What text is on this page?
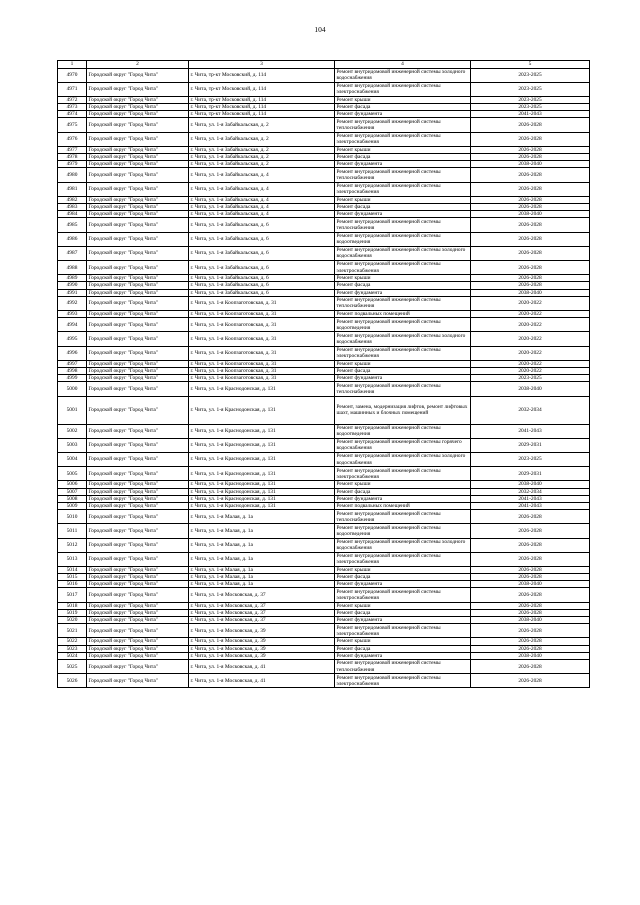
104
1	2	3	4	5
4970	Городской округ "Город Чита"	г. Чита, тр-кт Московский, д. 114	Ремонт внутридомовой инженерной системы холодного водоснабжения	2023-2025
4971	Городской округ "Город Чита"	г. Чита, тр-кт Московский, д. 114	Ремонт внутридомовой инженерной системы электроснабжения	2023-2025
4972	Городской округ "Город Чита"	г. Чита, тр-кт Московский, д. 114	Ремонт крыши	2023-2025
4973	Городской округ "Город Чита"	г. Чита, тр-кт Московский, д. 114	Ремонт фасада	2023-2025
4974	Городской округ "Город Чита"	г. Чита, тр-кт Московский, д. 114	Ремонт фундамента	2041-2043
4975	Городской округ "Город Чита"	г. Чита, ул. 1-я Забайкальская, д. 2	Ремонт внутридомовой инженерной системы теплоснабжения	2026-2028
4976	Городской округ "Город Чита"	г. Чита, ул. 1-я Забайкальская, д. 2	Ремонт внутридомовой инженерной системы электроснабжения	2026-2028
4977	Городской округ "Город Чита"	г. Чита, ул. 1-я Забайкальская, д. 2	Ремонт крыши	2026-2028
4978	Городской округ "Город Чита"	г. Чита, ул. 1-я Забайкальская, д. 2	Ремонт фасада	2026-2028
4979	Городской округ "Город Чита"	г. Чита, ул. 1-я Забайкальская, д. 2	Ремонт фундамента	2038-2040
4980	Городской округ "Город Чита"	г. Чита, ул. 1-я Забайкальская, д. 4	Ремонт внутридомовой инженерной системы теплоснабжения	2026-2028
4981	Городской округ "Город Чита"	г. Чита, ул. 1-я Забайкальская, д. 4	Ремонт внутридомовой инженерной системы электроснабжения	2026-2028
4982	Городской округ "Город Чита"	г. Чита, ул. 1-я Забайкальская, д. 4	Ремонт крыши	2026-2028
4983	Городской округ "Город Чита"	г. Чита, ул. 1-я Забайкальская, д. 4	Ремонт фасада	2026-2028
4984	Городской округ "Город Чита"	г. Чита, ул. 1-я Забайкальская, д. 4	Ремонт фундамента	2038-2040
4985	Городской округ "Город Чита"	г. Чита, ул. 1-я Забайкальская, д. 6	Ремонт внутридомовой инженерной системы теплоснабжения	2026-2028
4986	Городской округ "Город Чита"	г. Чита, ул. 1-я Забайкальская, д. 6	Ремонт внутридомовой инженерной системы водоотведения	2026-2028
4987	Городской округ "Город Чита"	г. Чита, ул. 1-я Забайкальская, д. 6	Ремонт внутридомовой инженерной системы холодного водоснабжения	2026-2028
4988	Городской округ "Город Чита"	г. Чита, ул. 1-я Забайкальская, д. 6	Ремонт внутридомовой инженерной системы электроснабжения	2026-2028
4989	Городской округ "Город Чита"	г. Чита, ул. 1-я Забайкальская, д. 6	Ремонт крыши	2026-2028
4990	Городской округ "Город Чита"	г. Чита, ул. 1-я Забайкальская, д. 6	Ремонт фасада	2026-2028
4991	Городской округ "Город Чита"	г. Чита, ул. 1-я Забайкальская, д. 6	Ремонт фундамента	2038-2040
4992	Городской округ "Город Чита"	г. Чита, ул. 1-я Коопзаготовская, д. 31	Ремонт внутридомовой инженерной системы теплоснабжения	2020-2022
4993	Городской округ "Город Чита"	г. Чита, ул. 1-я Коопзаготовская, д. 31	Ремонт подвальных помещений	2020-2022
4994	Городской округ "Город Чита"	г. Чита, ул. 1-я Коопзаготовская, д. 31	Ремонт внутридомовой инженерной системы водоотведения	2020-2022
4995	Городской округ "Город Чита"	г. Чита, ул. 1-я Коопзаготовская, д. 31	Ремонт внутридомовой инженерной системы холодного водоснабжения	2020-2022
4996	Городской округ "Город Чита"	г. Чита, ул. 1-я Коопзаготовская, д. 31	Ремонт внутридомовой инженерной системы электроснабжения	2020-2022
4997	Городской округ "Город Чита"	г. Чита, ул. 1-я Коопзаготовская, д. 31	Ремонт крыши	2020-2022
4998	Городской округ "Город Чита"	г. Чита, ул. 1-я Коопзаготовская, д. 31	Ремонт фасада	2020-2022
4999	Городской округ "Город Чита"	г. Чита, ул. 1-я Коопзаготовская, д. 31	Ремонт фундамента	2023-2025
5000	Городской округ "Город Чита"	г. Чита, ул. 1-я Краснодонская, д. 131	Ремонт внутридомовой инженерной системы теплоснабжения	2038-2040
5001	Городской округ "Город Чита"	г. Чита, ул. 1-я Краснодонская, д. 131	Ремонт, замена, модернизация лифтов, ремонт лифтовых шахт, машинных и блочных помещений	2032-2034
5002	Городской округ "Город Чита"	г. Чита, ул. 1-я Краснодонская, д. 131	Ремонт внутридомовой инженерной системы водоотведения	2041-2043
5003	Городской округ "Город Чита"	г. Чита, ул. 1-я Краснодонская, д. 131	Ремонт внутридомовой инженерной системы горячего водоснабжения	2029-2031
5004	Городской округ "Город Чита"	г. Чита, ул. 1-я Краснодонская, д. 131	Ремонт внутридомовой инженерной системы холодного водоснабжения	2023-2025
5005	Городской округ "Город Чита"	г. Чита, ул. 1-я Краснодонская, д. 131	Ремонт внутридомовой инженерной системы электроснабжения	2029-2031
5006	Городской округ "Город Чита"	г. Чита, ул. 1-я Краснодонская, д. 131	Ремонт крыши	2038-2040
5007	Городской округ "Город Чита"	г. Чита, ул. 1-я Краснодонская, д. 131	Ремонт фасада	2032-2034
5008	Городской округ "Город Чита"	г. Чита, ул. 1-я Краснодонская, д. 131	Ремонт фундамента	2041-2043
5009	Городской округ "Город Чита"	г. Чита, ул. 1-я Краснодонская, д. 131	Ремонт подвальных помещений	2041-2043
5010	Городской округ "Город Чита"	г. Чита, ул. 1-я Малая, д. 1а	Ремонт внутридомовой инженерной системы теплоснабжения	2026-2028
5011	Городской округ "Город Чита"	г. Чита, ул. 1-я Малая, д. 1а	Ремонт внутридомовой инженерной системы водоотведения	2026-2028
5012	Городской округ "Город Чита"	г. Чита, ул. 1-я Малая, д. 1а	Ремонт внутридомовой инженерной системы холодного водоснабжения	2026-2028
5013	Городской округ "Город Чита"	г. Чита, ул. 1-я Малая, д. 1а	Ремонт внутридомовой инженерной системы электроснабжения	2026-2028
5014	Городской округ "Город Чита"	г. Чита, ул. 1-я Малая, д. 1а	Ремонт крыши	2026-2028
5015	Городской округ "Город Чита"	г. Чита, ул. 1-я Малая, д. 1а	Ремонт фасада	2026-2028
5016	Городской округ "Город Чита"	г. Чита, ул. 1-я Малая, д. 1а	Ремонт фундамента	2038-2040
5017	Городской округ "Город Чита"	г. Чита, ул. 1-я Московская, д. 37	Ремонт внутридомовой инженерной системы электроснабжения	2026-2028
5018	Городской округ "Город Чита"	г. Чита, ул. 1-я Московская, д. 37	Ремонт крыши	2026-2028
5019	Городской округ "Город Чита"	г. Чита, ул. 1-я Московская, д. 37	Ремонт фасада	2026-2028
5020	Городской округ "Город Чита"	г. Чита, ул. 1-я Московская, д. 37	Ремонт фундамента	2038-2040
5021	Городской округ "Город Чита"	г. Чита, ул. 1-я Московская, д. 39	Ремонт внутридомовой инженерной системы электроснабжения	2026-2028
5022	Городской округ "Город Чита"	г. Чита, ул. 1-я Московская, д. 39	Ремонт крыши	2026-2028
5023	Городской округ "Город Чита"	г. Чита, ул. 1-я Московская, д. 39	Ремонт фасада	2026-2028
5024	Городской округ "Город Чита"	г. Чита, ул. 1-я Московская, д. 39	Ремонт фундамента	2038-2040
5025	Городской округ "Город Чита"	г. Чита, ул. 1-я Московская, д. 41	Ремонт внутридомовой инженерной системы теплоснабжения	2026-2028
5026	Городской округ "Город Чита"	г. Чита, ул. 1-я Московская, д. 41	Ремонт внутридомовой инженерной системы электроснабжения	2026-2028
